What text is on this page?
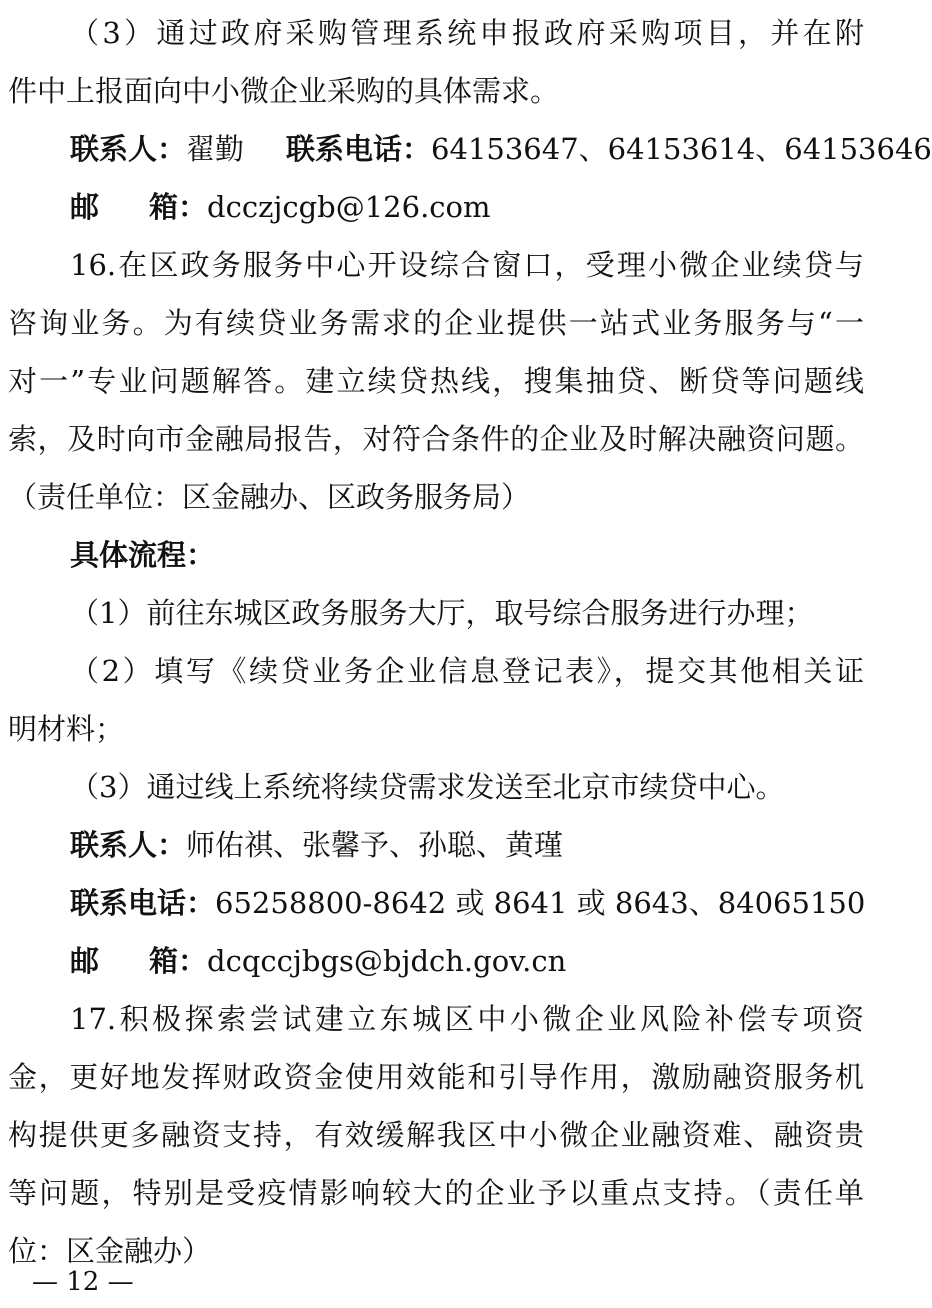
（3）通过政府采购管理系统申报政府采购项目，并在附
件中上报面向中小微企业采购的具体需求。
联系人：翟勤 联系电话：64153647、64153614、64153646
邮 箱：dcczjcgb@126.com
16.在区政务服务中心开设综合窗口，受理小微企业续贷与
咨询业务。为有续贷业务需求的企业提供一站式业务服务与“一
对一”专业问题解答。建立续贷热线，搜集抽贷、断贷等问题线
索，及时向市金融局报告，对符合条件的企业及时解决融资问题。
（责任单位：区金融办、区政务服务局）
具体流程：
（1）前往东城区政务服务大厅，取号综合服务进行办理；
（2）填写《续贷业务企业信息登记表》，提交其他相关证
明材料；
（3）通过线上系统将续贷需求发送至北京市续贷中心。
联系人：师佑祺、张馨予、孙聪、黄瑾
联系电话：65258800-8642 或 8641 或 8643、84065150
邮 箱：dcqccjbgs@bjdch.gov.cn
17.积极探索尝试建立东城区中小微企业风险补偿专项资
金，更好地发挥财政资金使用效能和引导作用，激励融资服务机
构提供更多融资支持，有效缓解我区中小微企业融资难、融资贵
等问题，特别是受疫情影响较大的企业予以重点支持。（责任单
位：区金融办）
— 12 —
